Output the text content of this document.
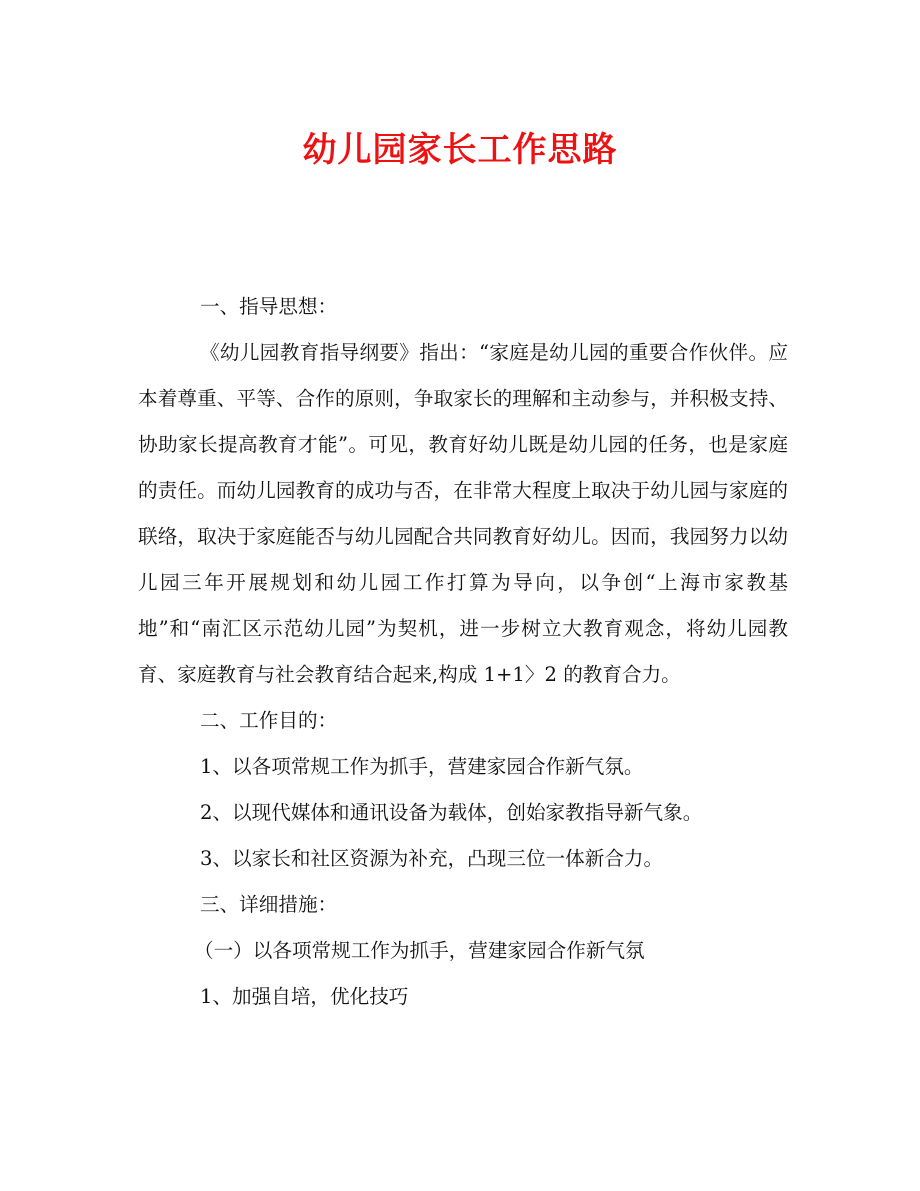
幼儿园家长工作思路

一、指导思想：

《幼儿园教育指导纲要》指出：“家庭是幼儿园的重要合作伙伴。应本着尊重、平等、合作的原则，争取家长的理解和主动参与，并积极支持、协助家长提高教育才能”。可见，教育好幼儿既是幼儿园的任务，也是家庭的责任。而幼儿园教育的成功与否，在非常大程度上取决于幼儿园与家庭的联络，取决于家庭能否与幼儿园配合共同教育好幼儿。因而，我园努力以幼儿园三年开展规划和幼儿园工作打算为导向，以争创“上海市家教基地”和“南汇区示范幼儿园”为契机，进一步树立大教育观念，将幼儿园教育、家庭教育与社会教育结合起来,构成 1+1〉2 的教育合力。

二、工作目的：

1、以各项常规工作为抓手，营建家园合作新气氛。

2、以现代媒体和通讯设备为载体，创始家教指导新气象。

3、以家长和社区资源为补充，凸现三位一体新合力。

三、详细措施：

（一）以各项常规工作为抓手，营建家园合作新气氛

1、加强自培，优化技巧
